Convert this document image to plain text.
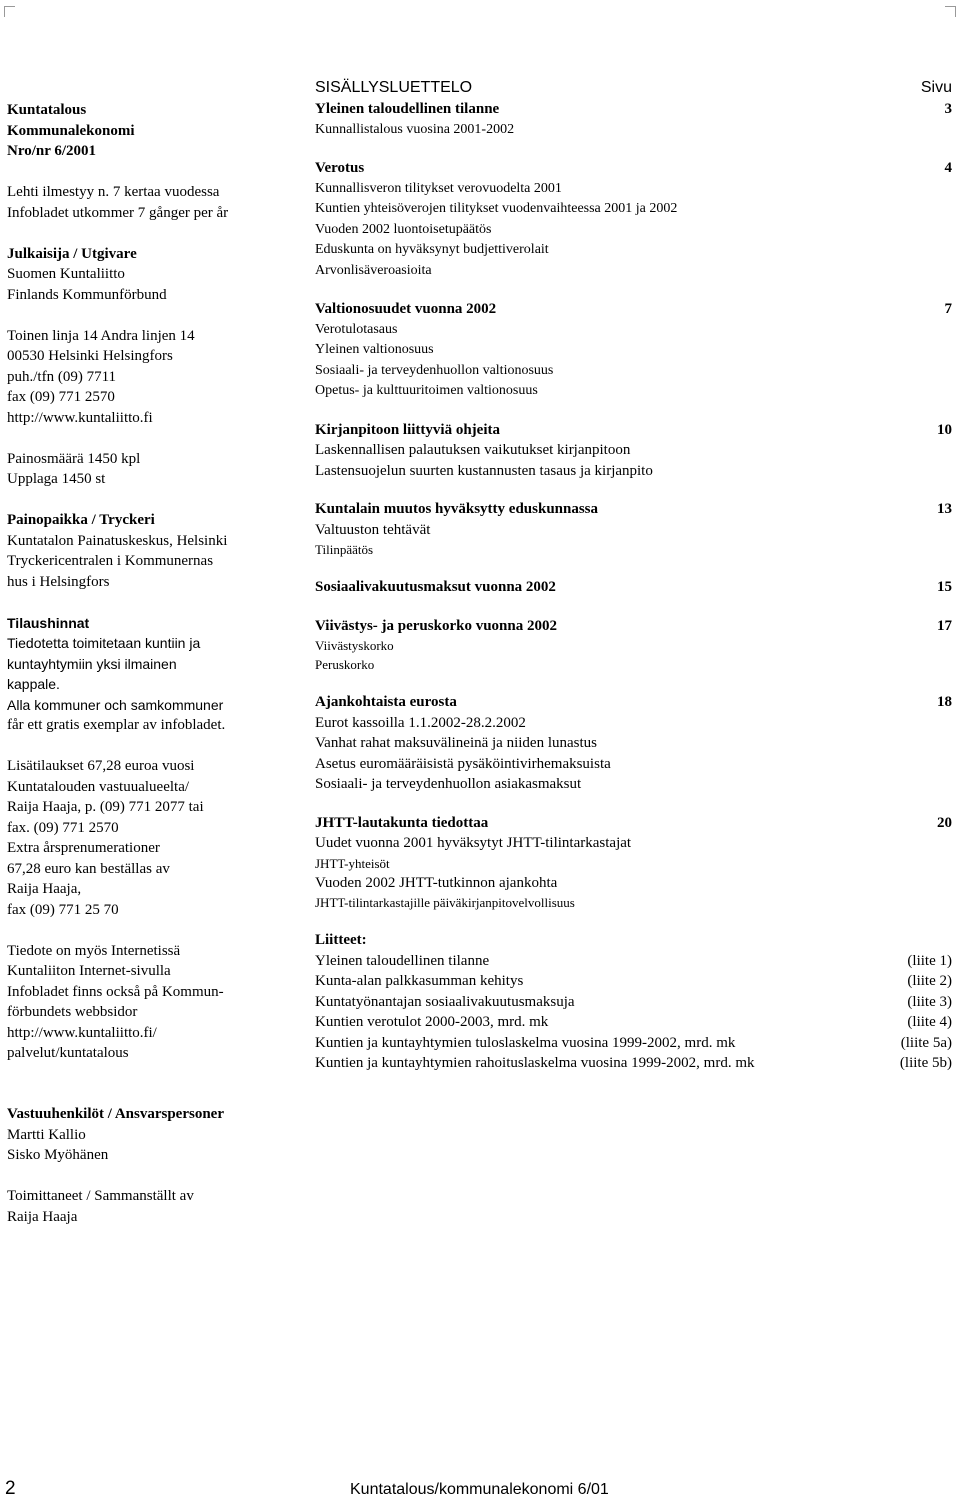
Kuntatalous
Kommunalekonomi
Nro/nr 6/2001
Lehti ilmestyy n. 7 kertaa vuodessa
Infobladet utkommer 7 gånger per år
Julkaisija / Utgivare
Suomen Kuntaliitto
Finlands Kommunförbund
Toinen linja 14 Andra linjen 14
00530 Helsinki Helsingfors
puh./tfn (09) 7711
fax (09) 771 2570
http://www.kuntaliitto.fi
Painosmäärä 1450 kpl
Upplaga 1450 st
Painopaikka / Tryckeri
Kuntatalon Painatuskeskus, Helsinki
Tryckericentralen i Kommunernas
hus i Helsingfors
Tilaushinnat
Tiedotetta toimitetaan kuntiin ja
kuntayhtymiin yksi ilmainen
kappale.
Alla kommuner och samkommuner
får ett gratis exemplar av infobladet.
Lisätilaukset 67,28 euroa vuosi
Kuntatalouden vastuualueelta/
Raija Haaja, p. (09) 771 2077 tai
fax. (09) 771 2570
Extra årsprenumerationer
67,28 euro kan beställas av
Raija Haaja,
fax (09) 771 25 70
Tiedote on myös Internetissä
Kuntaliiton Internet-sivulla
Infobladet finns också på Kommun-
förbundets webbsidor
http://www.kuntaliitto.fi/
palvelut/kuntatalous
Vastuuhenkilöt / Ansvarspersoner
Martti Kallio
Sisko Myöhänen
Toimittaneet / Sammanställt av
Raija Haaja
SISÄLLYSLUETTELO	Sivu
Yleinen taloudellinen tilanne	3
Kunnallistalous vuosina 2001-2002
Verotus	4
Kunnallisveron tilitykset verovuodelta 2001
Kuntien yhteisöverojen tilitykset vuodenvaihteessa 2001 ja 2002
Vuoden 2002 luontoisetupäätös
Eduskunta on hyväksynyt budjettiverolait
Arvonlisäveroasioita
Valtionosuudet vuonna 2002	7
Verotulotasaus
Yleinen valtionosuus
Sosiaali- ja terveydenhuollon valtionosuus
Opetus- ja kulttuuritoimen valtionosuus
Kirjanpitoon liittyviä ohjeita	10
Laskennallisen palautuksen vaikutukset kirjanpitoon
Lastensuojelun suurten kustannusten tasaus ja kirjanpito
Kuntalain muutos hyväksytty eduskunnassa	13
Valtuuston tehtävät
Tilinpäätös
Sosiaalivakuutusmaksut vuonna 2002	15
Viivästys- ja peruskorko vuonna 2002	17
Viivästyskorko
Peruskorko
Ajankohtaista eurosta	18
Eurot kassoilla 1.1.2002-28.2.2002
Vanhat rahat maksuvälineinä ja niiden lunastus
Asetus euromääräisistä pysäköintivirhemaksuista
Sosiaali- ja terveydenhuollon asiakasmaksut
JHTT-lautakunta tiedottaa	20
Uudet vuonna 2001 hyväksytyt JHTT-tilintarkastajat
JHTT-yhteisöt
Vuoden 2002 JHTT-tutkinnon ajankohta
JHTT-tilintarkastajille päiväkirjanpitovelvollisuus
Liitteet:
Yleinen taloudellinen tilanne	(liite 1)
Kunta-alan palkkasumman kehitys	(liite 2)
Kuntatyönantajan sosiaalivakuutusmaksuja	(liite 3)
Kuntien verotulot 2000-2003, mrd. mk	(liite 4)
Kuntien ja kuntayhtymien tuloslaskelma vuosina 1999-2002, mrd. mk	(liite 5a)
Kuntien ja kuntayhtymien rahoituslaskelma vuosina 1999-2002, mrd. mk	(liite 5b)
2	Kuntatalous/kommunalekonomi 6/01
